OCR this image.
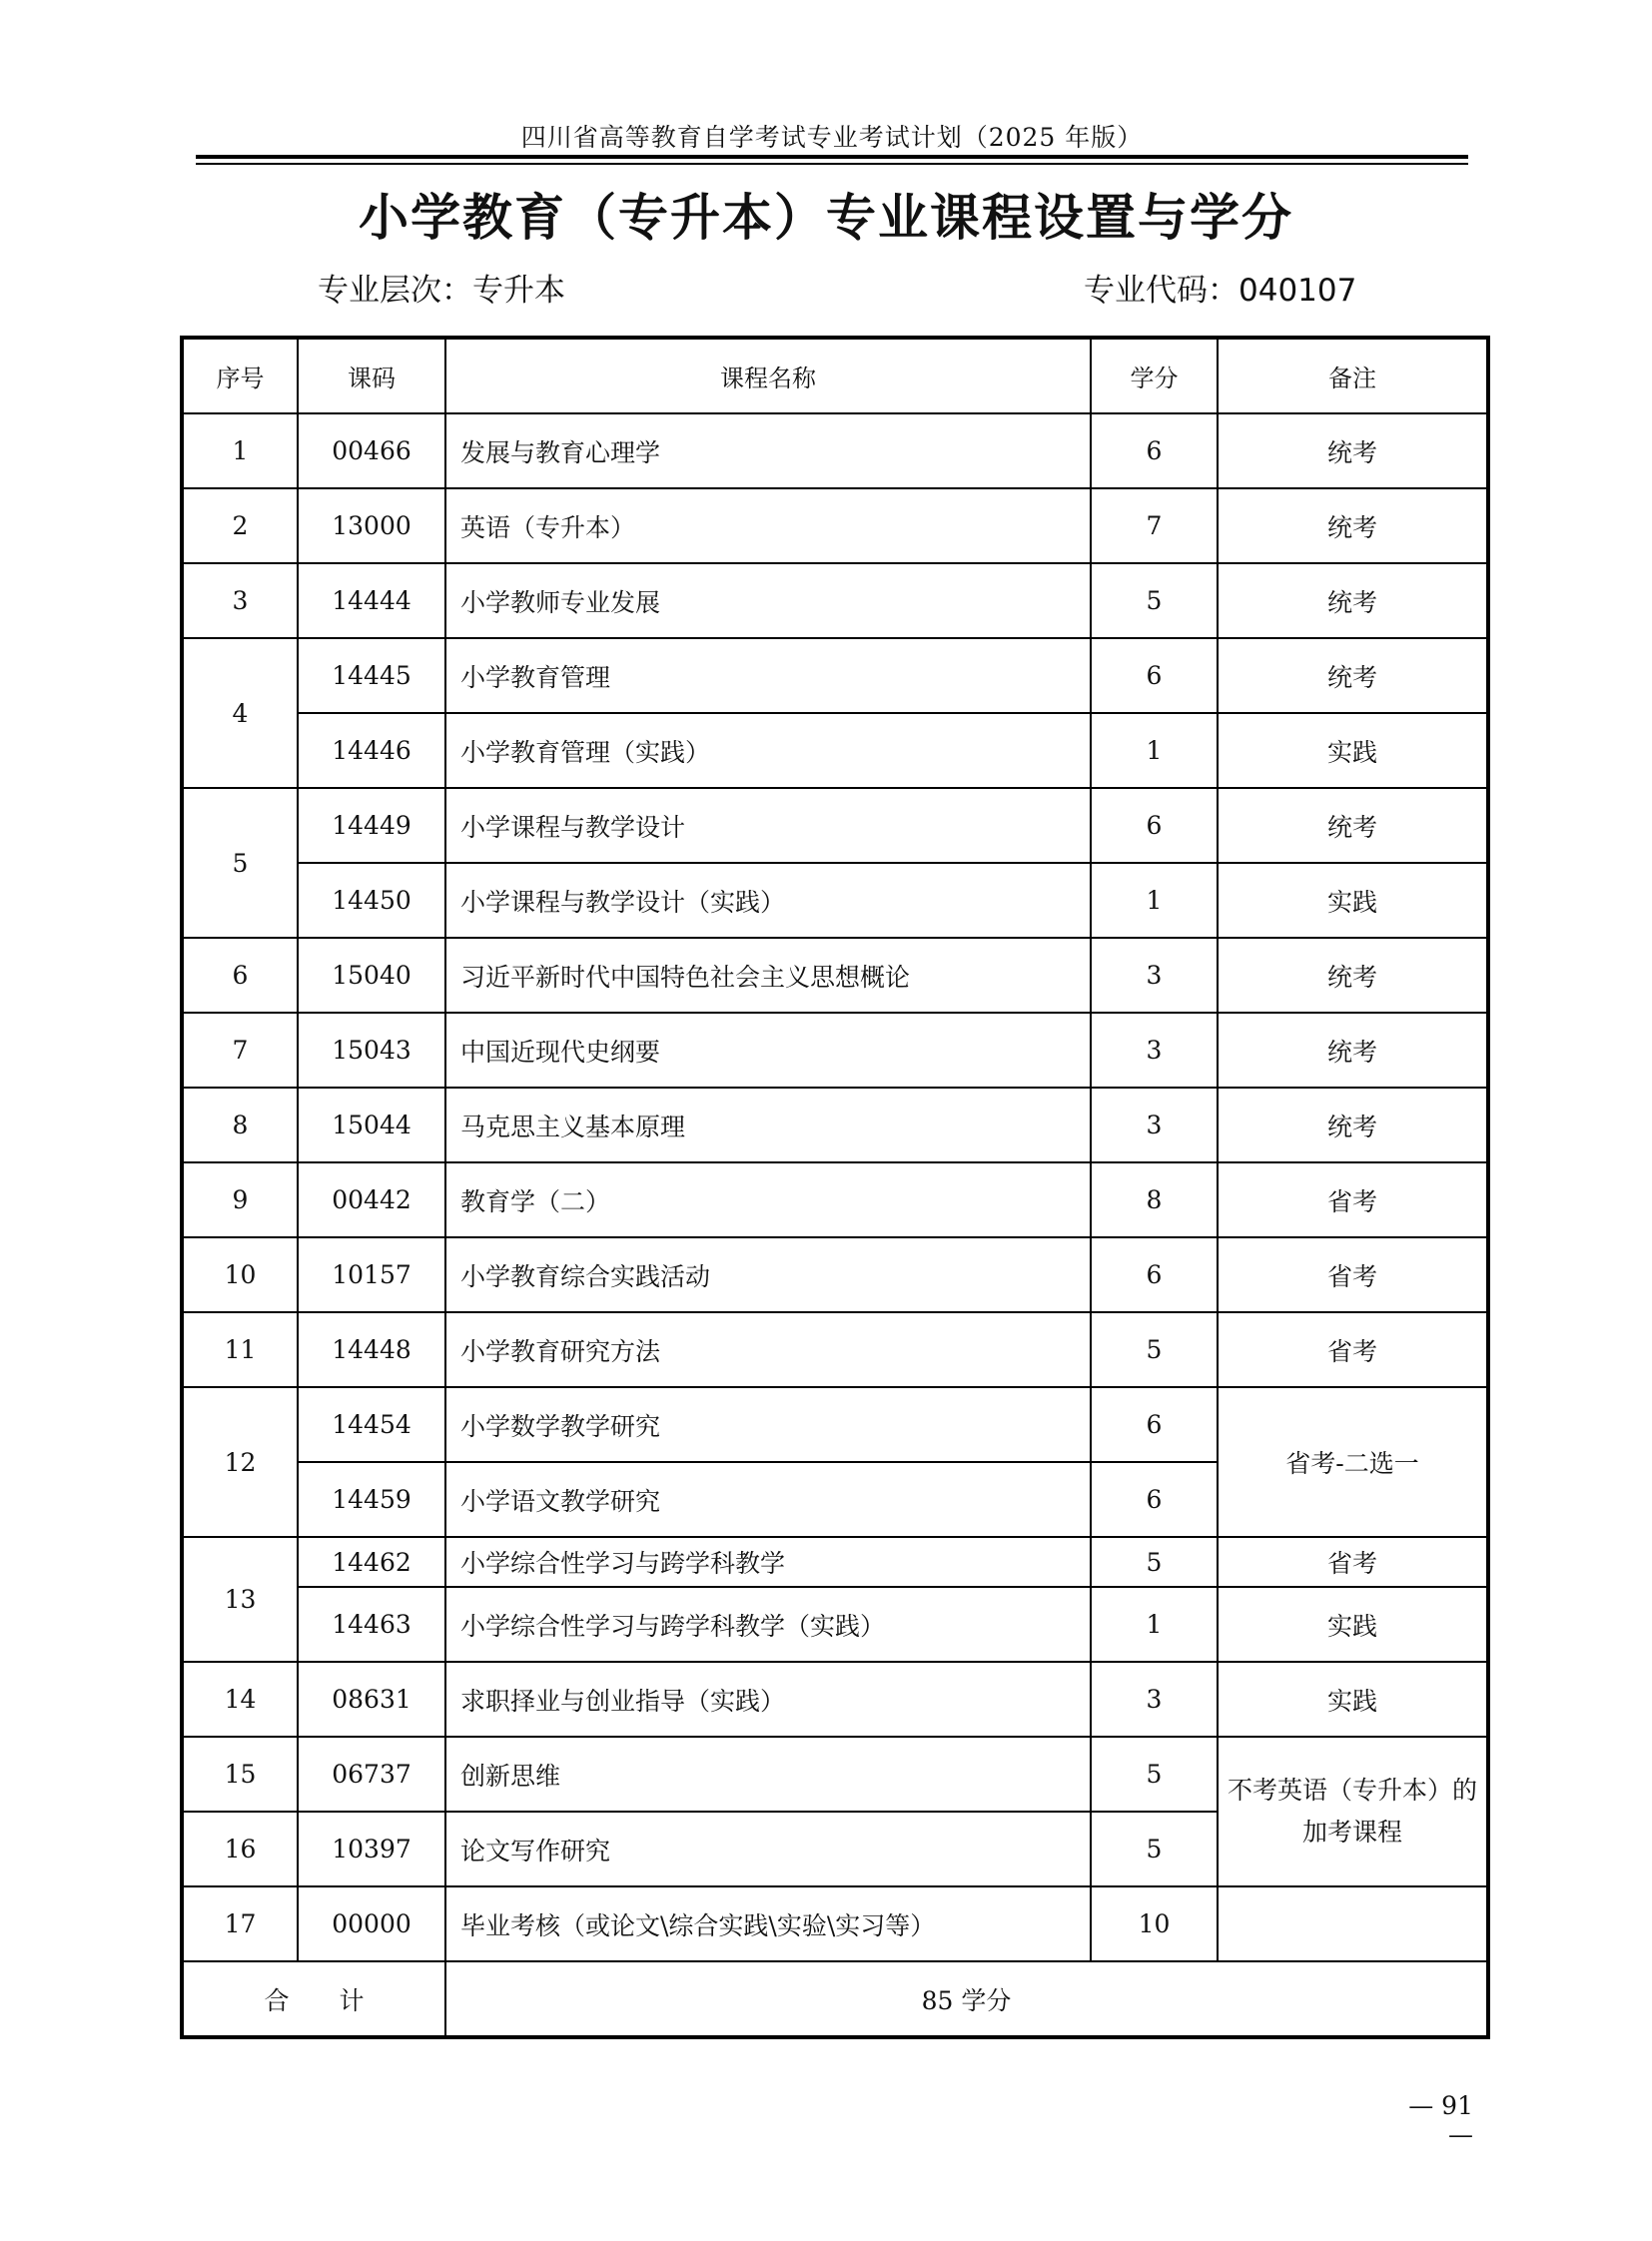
四川省高等教育自学考试专业考试计划（2025 年版）
小学教育（专升本）专业课程设置与学分
专业层次：专升本	专业代码：040107
序号	课码	课程名称	学分	备注
1	00466	发展与教育心理学	6	统考
2	13000	英语（专升本）	7	统考
3	14444	小学教师专业发展	5	统考
4	14445	小学教育管理	6	统考
	14446	小学教育管理（实践）	1	实践
5	14449	小学课程与教学设计	6	统考
	14450	小学课程与教学设计（实践）	1	实践
6	15040	习近平新时代中国特色社会主义思想概论	3	统考
7	15043	中国近现代史纲要	3	统考
8	15044	马克思主义基本原理	3	统考
9	00442	教育学（二）	8	省考
10	10157	小学教育综合实践活动	6	省考
11	14448	小学教育研究方法	5	省考
12	14454	小学数学教学研究	6	省考-二选一
	14459	小学语文教学研究	6	
13	14462	小学综合性学习与跨学科教学	5	省考
	14463	小学综合性学习与跨学科教学（实践）	1	实践
14	08631	求职择业与创业指导（实践）	3	实践
15	06737	创新思维	5	不考英语（专升本）的
加考课程

16	10397	论文写作研究	5	
17	00000	毕业考核（或论文\综合实践\实验\实习等）	10	
合　　计		85 学分		
— 91 —
